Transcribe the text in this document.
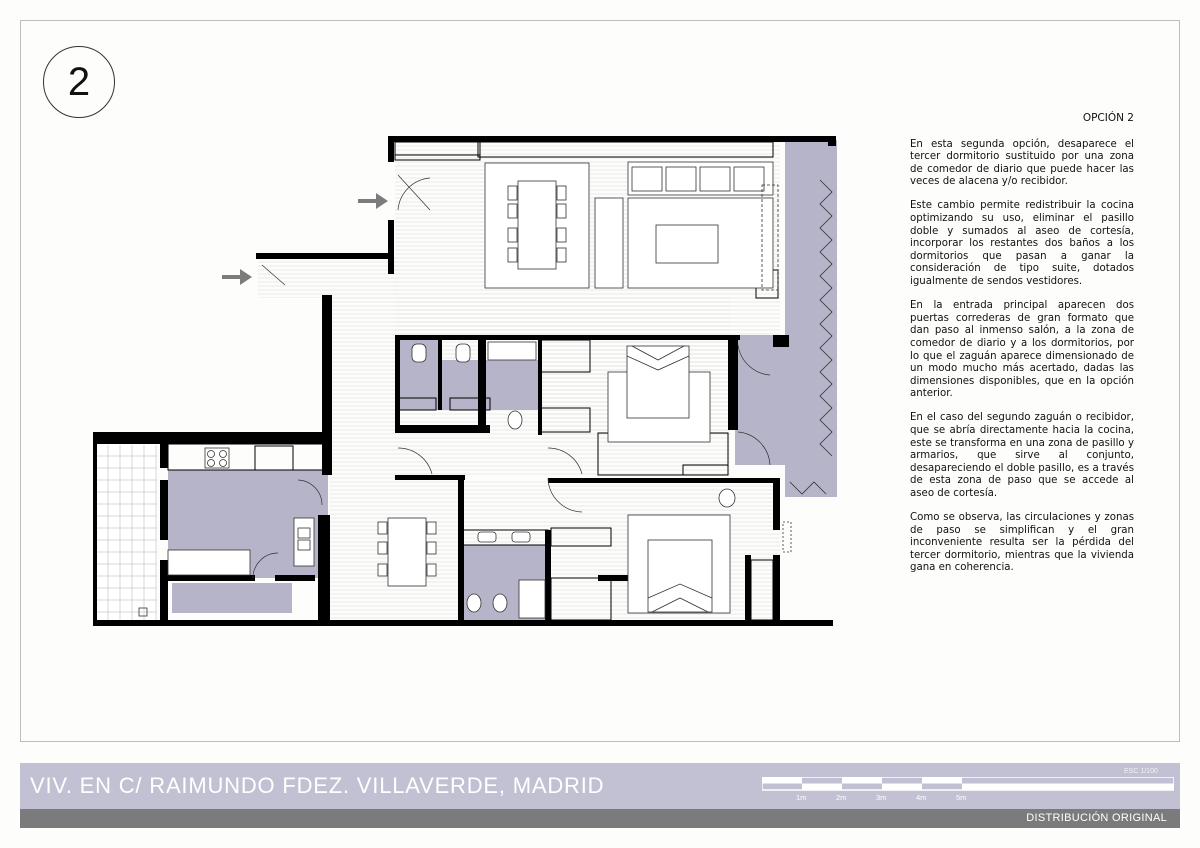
2
OPCIÓN 2

En esta segunda opción, desaparece el tercer dormitorio sustituido por una zona de comedor de diario que puede hacer las veces de alacena y/o recibidor.

Este cambio permite redistribuir la cocina optimizando su uso, eliminar el pasillo doble y sumados al aseo de cortesía, incorporar los restantes dos baños a los dormitorios que pasan a ganar la consideración de tipo suite, dotados igualmente de sendos vestidores.

En la entrada principal aparecen dos puertas correderas de gran formato que dan paso al inmenso salón, a la zona de comedor de diario y a los dormitorios, por lo que el zaguán aparece dimensionado de un modo mucho más acertado, dadas las dimensiones disponibles, que en la opción anterior.

En el caso del segundo zaguán o recibidor, que se abría directamente hacia la cocina, este se transforma en una zona de pasillo y armarios, que sirve al conjunto, desapareciendo el doble pasillo, es a través de esta zona de paso que se accede al aseo de cortesía.

Como se observa, las circulaciones y zonas de paso se simplifican y el gran inconveniente resulta ser la pérdida del tercer dormitorio, mientras que la vivienda gana en coherencia.

VIV. EN C/ RAIMUNDO FDEZ. VILLAVERDE, MADRID
ESC 1/100
1m	2m	3m	4m	5m
DISTRIBUCIÓN ORIGINAL
